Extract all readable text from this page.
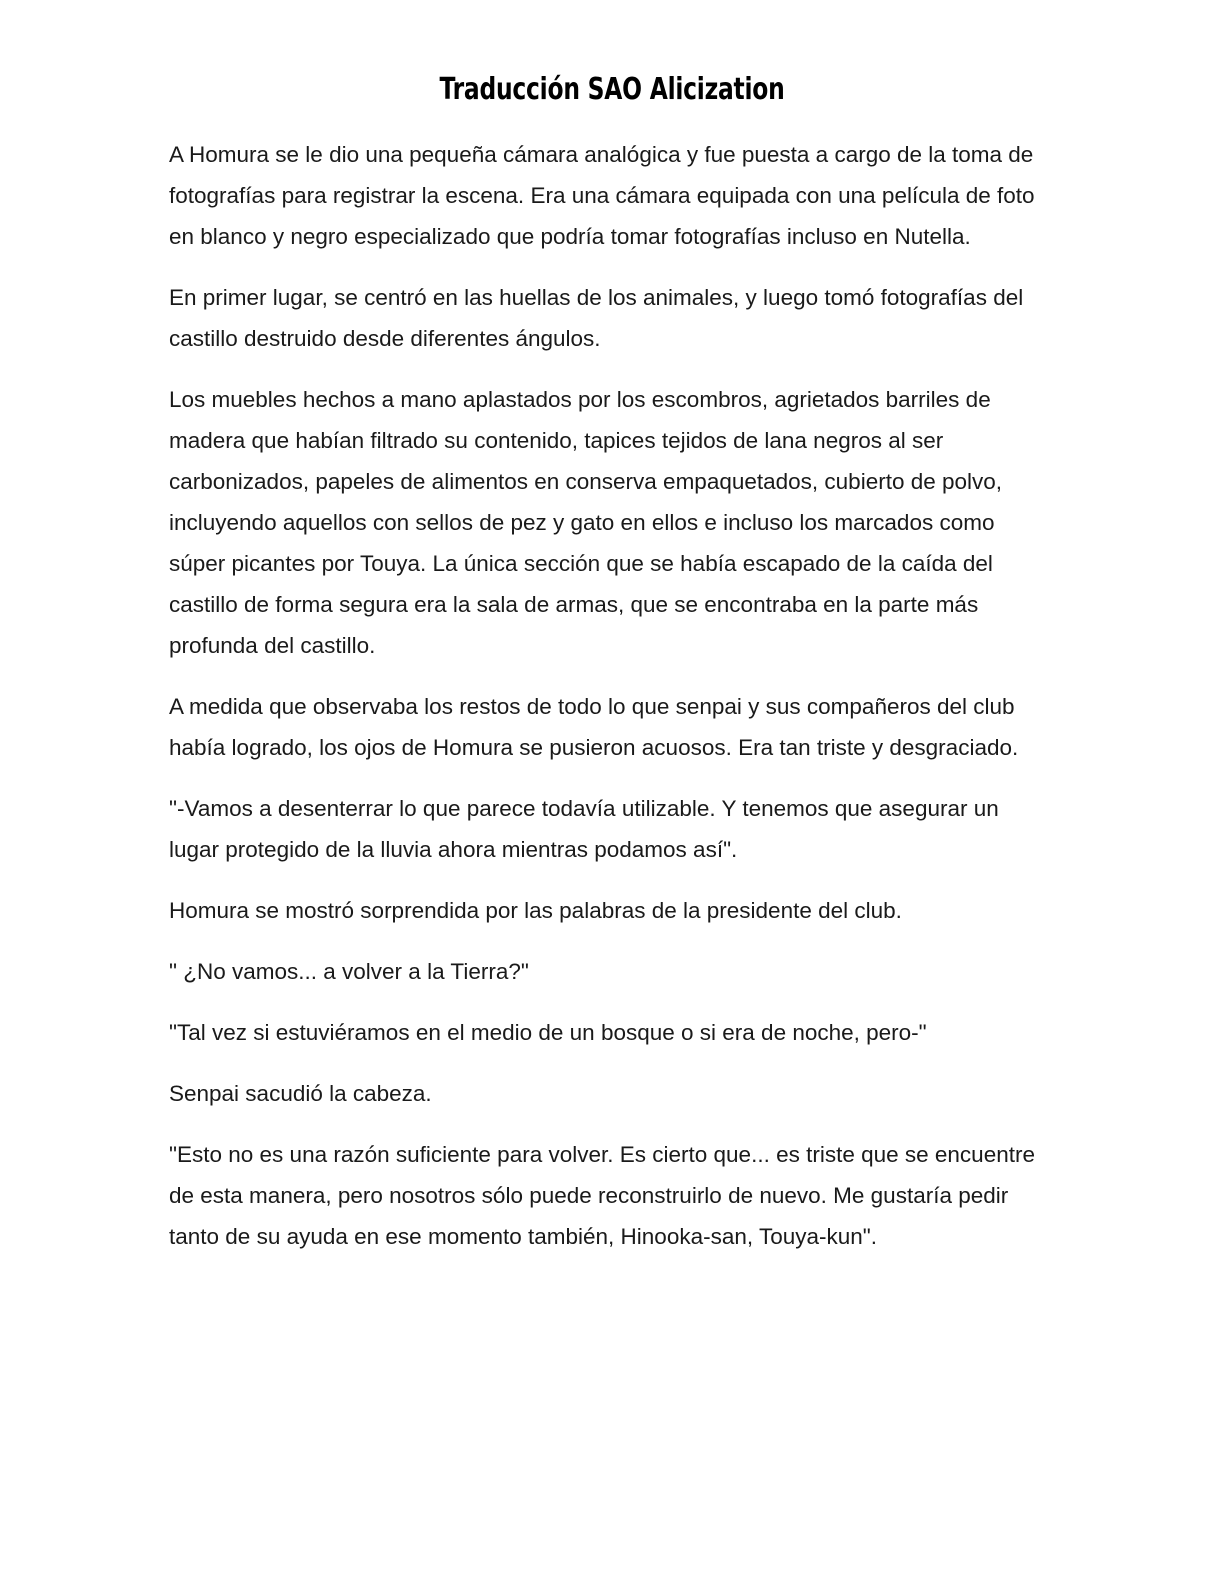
Traducción SAO Alicization

A Homura se le dio una pequeña cámara analógica y fue puesta a cargo de la toma de fotografías para registrar la escena. Era una cámara equipada con una película de foto en blanco y negro especializado que podría tomar fotografías incluso en Nutella.

En primer lugar, se centró en las huellas de los animales, y luego tomó fotografías del castillo destruido desde diferentes ángulos.

Los muebles hechos a mano aplastados por los escombros, agrietados barriles de madera que habían filtrado su contenido, tapices tejidos de lana negros al ser carbonizados, papeles de alimentos en conserva empaquetados, cubierto de polvo, incluyendo aquellos con sellos de pez y gato en ellos e incluso los marcados como súper picantes por Touya. La única sección que se había escapado de la caída del castillo de forma segura era la sala de armas, que se encontraba en la parte más profunda del castillo.

A medida que observaba los restos de todo lo que senpai y sus compañeros del club había logrado, los ojos de Homura se pusieron acuosos. Era tan triste y desgraciado.

"-Vamos a desenterrar lo que parece todavía utilizable. Y tenemos que asegurar un lugar protegido de la lluvia ahora mientras podamos así".

Homura se mostró sorprendida por las palabras de la presidente del club.

" ¿No vamos... a volver a la Tierra?"

"Tal vez si estuviéramos en el medio de un bosque o si era de noche, pero-"

Senpai sacudió la cabeza.

"Esto no es una razón suficiente para volver. Es cierto que... es triste que se encuentre de esta manera, pero nosotros sólo puede reconstruirlo de nuevo. Me gustaría pedir tanto de su ayuda en ese momento también, Hinooka-san, Touya-kun".
